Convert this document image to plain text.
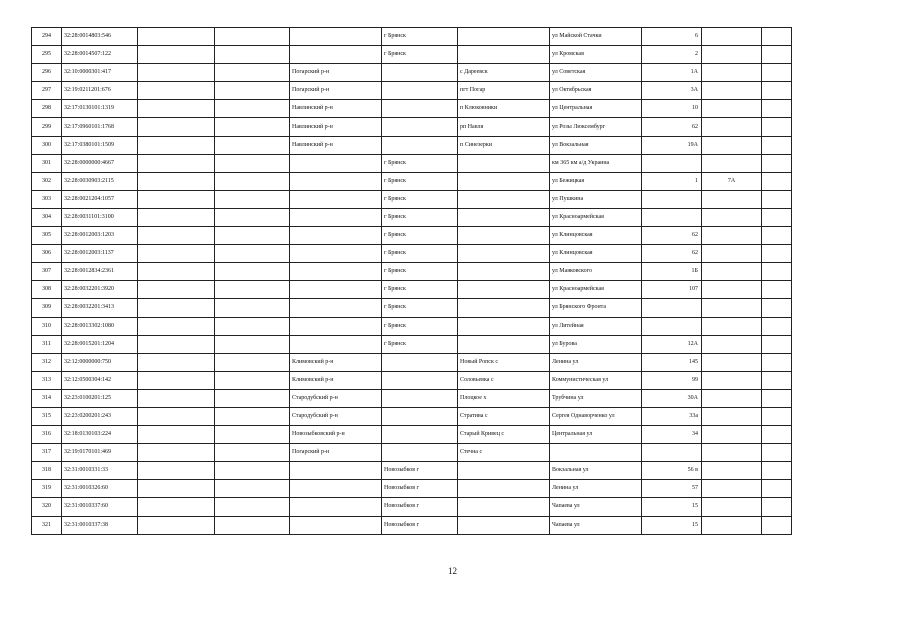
294	32:28:0014803:546				г Брянск		ул Майской Стачки	6		
295	32:28:0014507:122				г Брянск		ул Кромская	2		
296	32:10:0000301:417			Погарский р-н		с Дареевск	ул Советская	1А		
297	32:19:0211201:676			Погарский р-н		пгт Погар	ул Октябрьская	3А		
298	32:17:0130101:1319			Навлинский р-н		п Клюковники	ул Центральная	10		
299	32:17:0960101:1768			Навлинский р-н		рп Навля	ул Розы Люксембург	62		
300	32:17:0380101:1509			Навлинский р-н		п Синезерки	ул Вокзальная	19А		
301	32:28:0000000:4667				г Брянск		км 365 км а/д Украина			
302	32:28:0030903:2115				г Брянск		ул Бежицкая	1	7А	
303	32:28:0021204:1057				г Брянск		ул Пушкина			
304	32:28:0031101:3100				г Брянск		ул Красноармейская			
305	32:28:0012003:1203				г Брянск		ул Клинцовская	62		
306	32:28:0012003:1137				г Брянск		ул Клинцовская	62		
307	32:28:0012834:2361				г Брянск		ул Маяковского	1Б		
308	32:28:0032201:3920				г Брянск		ул Красноармейская	107		
309	32:28:0032201:3413				г Брянск		ул Брянского Фронта			
310	32:28:0013302:1080				г Брянск		ул Литейная			
311	32:28:0015201:1204				г Брянск		ул Бурова	12А		
312	32:12:0000000:750			Климовский р-н		Новый Ропск с	Ленина ул	145		
313	32:12:0500304:142			Климовский р-н		Соловьевка с	Коммунистическая ул	99		
314	32:23:0100201:125			Стародубский р-н		Плоцкое х	Трубчина ул	30А		
315	32:23:0200201:243			Стародубский р-н		Стратива с	Сергея Однаворченко ул	33а		
316	32:18:0130103:224			Новозыбковский р-н		Старый Кривец с	Центральная ул	34		
317	32:19:0170101:469			Погарский р-н		Стечна с				
318	32:31:0010331:33				Новозыбков г		Вокзальная ул	56 в		
319	32:31:0010326:60				Новозыбков г		Ленина ул	57		
320	32:31:0010337:60				Новозыбков г		Чапаева ул	15		
321	32:31:0010337:38				Новозыбков г		Чапаева ул	15		
12
